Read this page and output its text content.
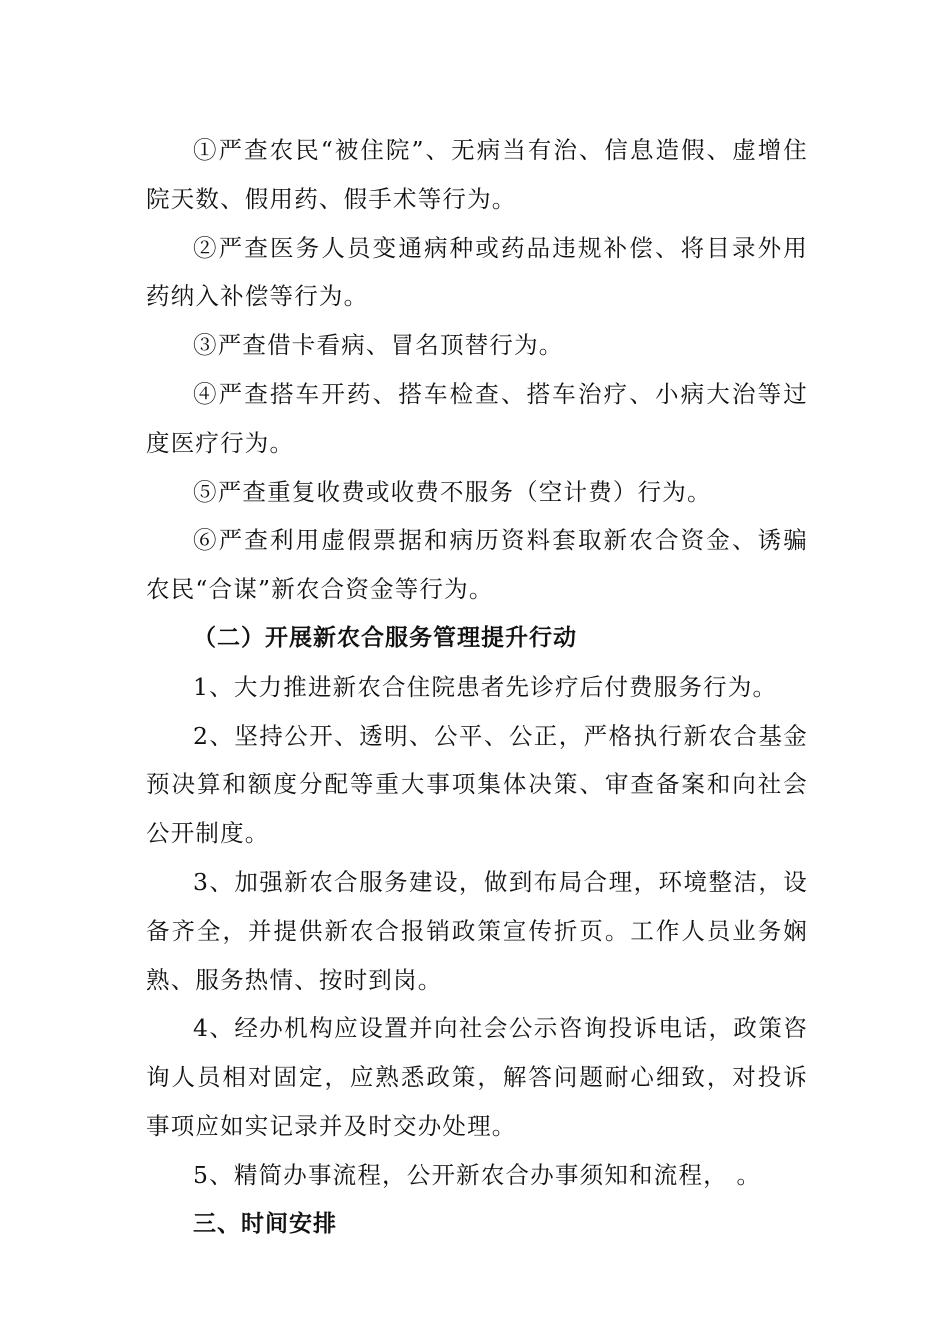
①严查农民“被住院”、无病当有治、信息造假、虚增住院天数、假用药、假手术等行为。

②严查医务人员变通病种或药品违规补偿、将目录外用药纳入补偿等行为。

③严查借卡看病、冒名顶替行为。

④严查搭车开药、搭车检查、搭车治疗、小病大治等过度医疗行为。

⑤严查重复收费或收费不服务（空计费）行为。

⑥严查利用虚假票据和病历资料套取新农合资金、诱骗农民“合谋”新农合资金等行为。

（二）开展新农合服务管理提升行动

1、大力推进新农合住院患者先诊疗后付费服务行为。

2、坚持公开、透明、公平、公正，严格执行新农合基金预决算和额度分配等重大事项集体决策、审查备案和向社会公开制度。

3、加强新农合服务建设，做到布局合理，环境整洁，设备齐全，并提供新农合报销政策宣传折页。工作人员业务娴熟、服务热情、按时到岗。

4、经办机构应设置并向社会公示咨询投诉电话，政策咨询人员相对固定，应熟悉政策，解答问题耐心细致，对投诉事项应如实记录并及时交办处理。

5、精简办事流程，公开新农合办事须知和流程， 。

三、时间安排
